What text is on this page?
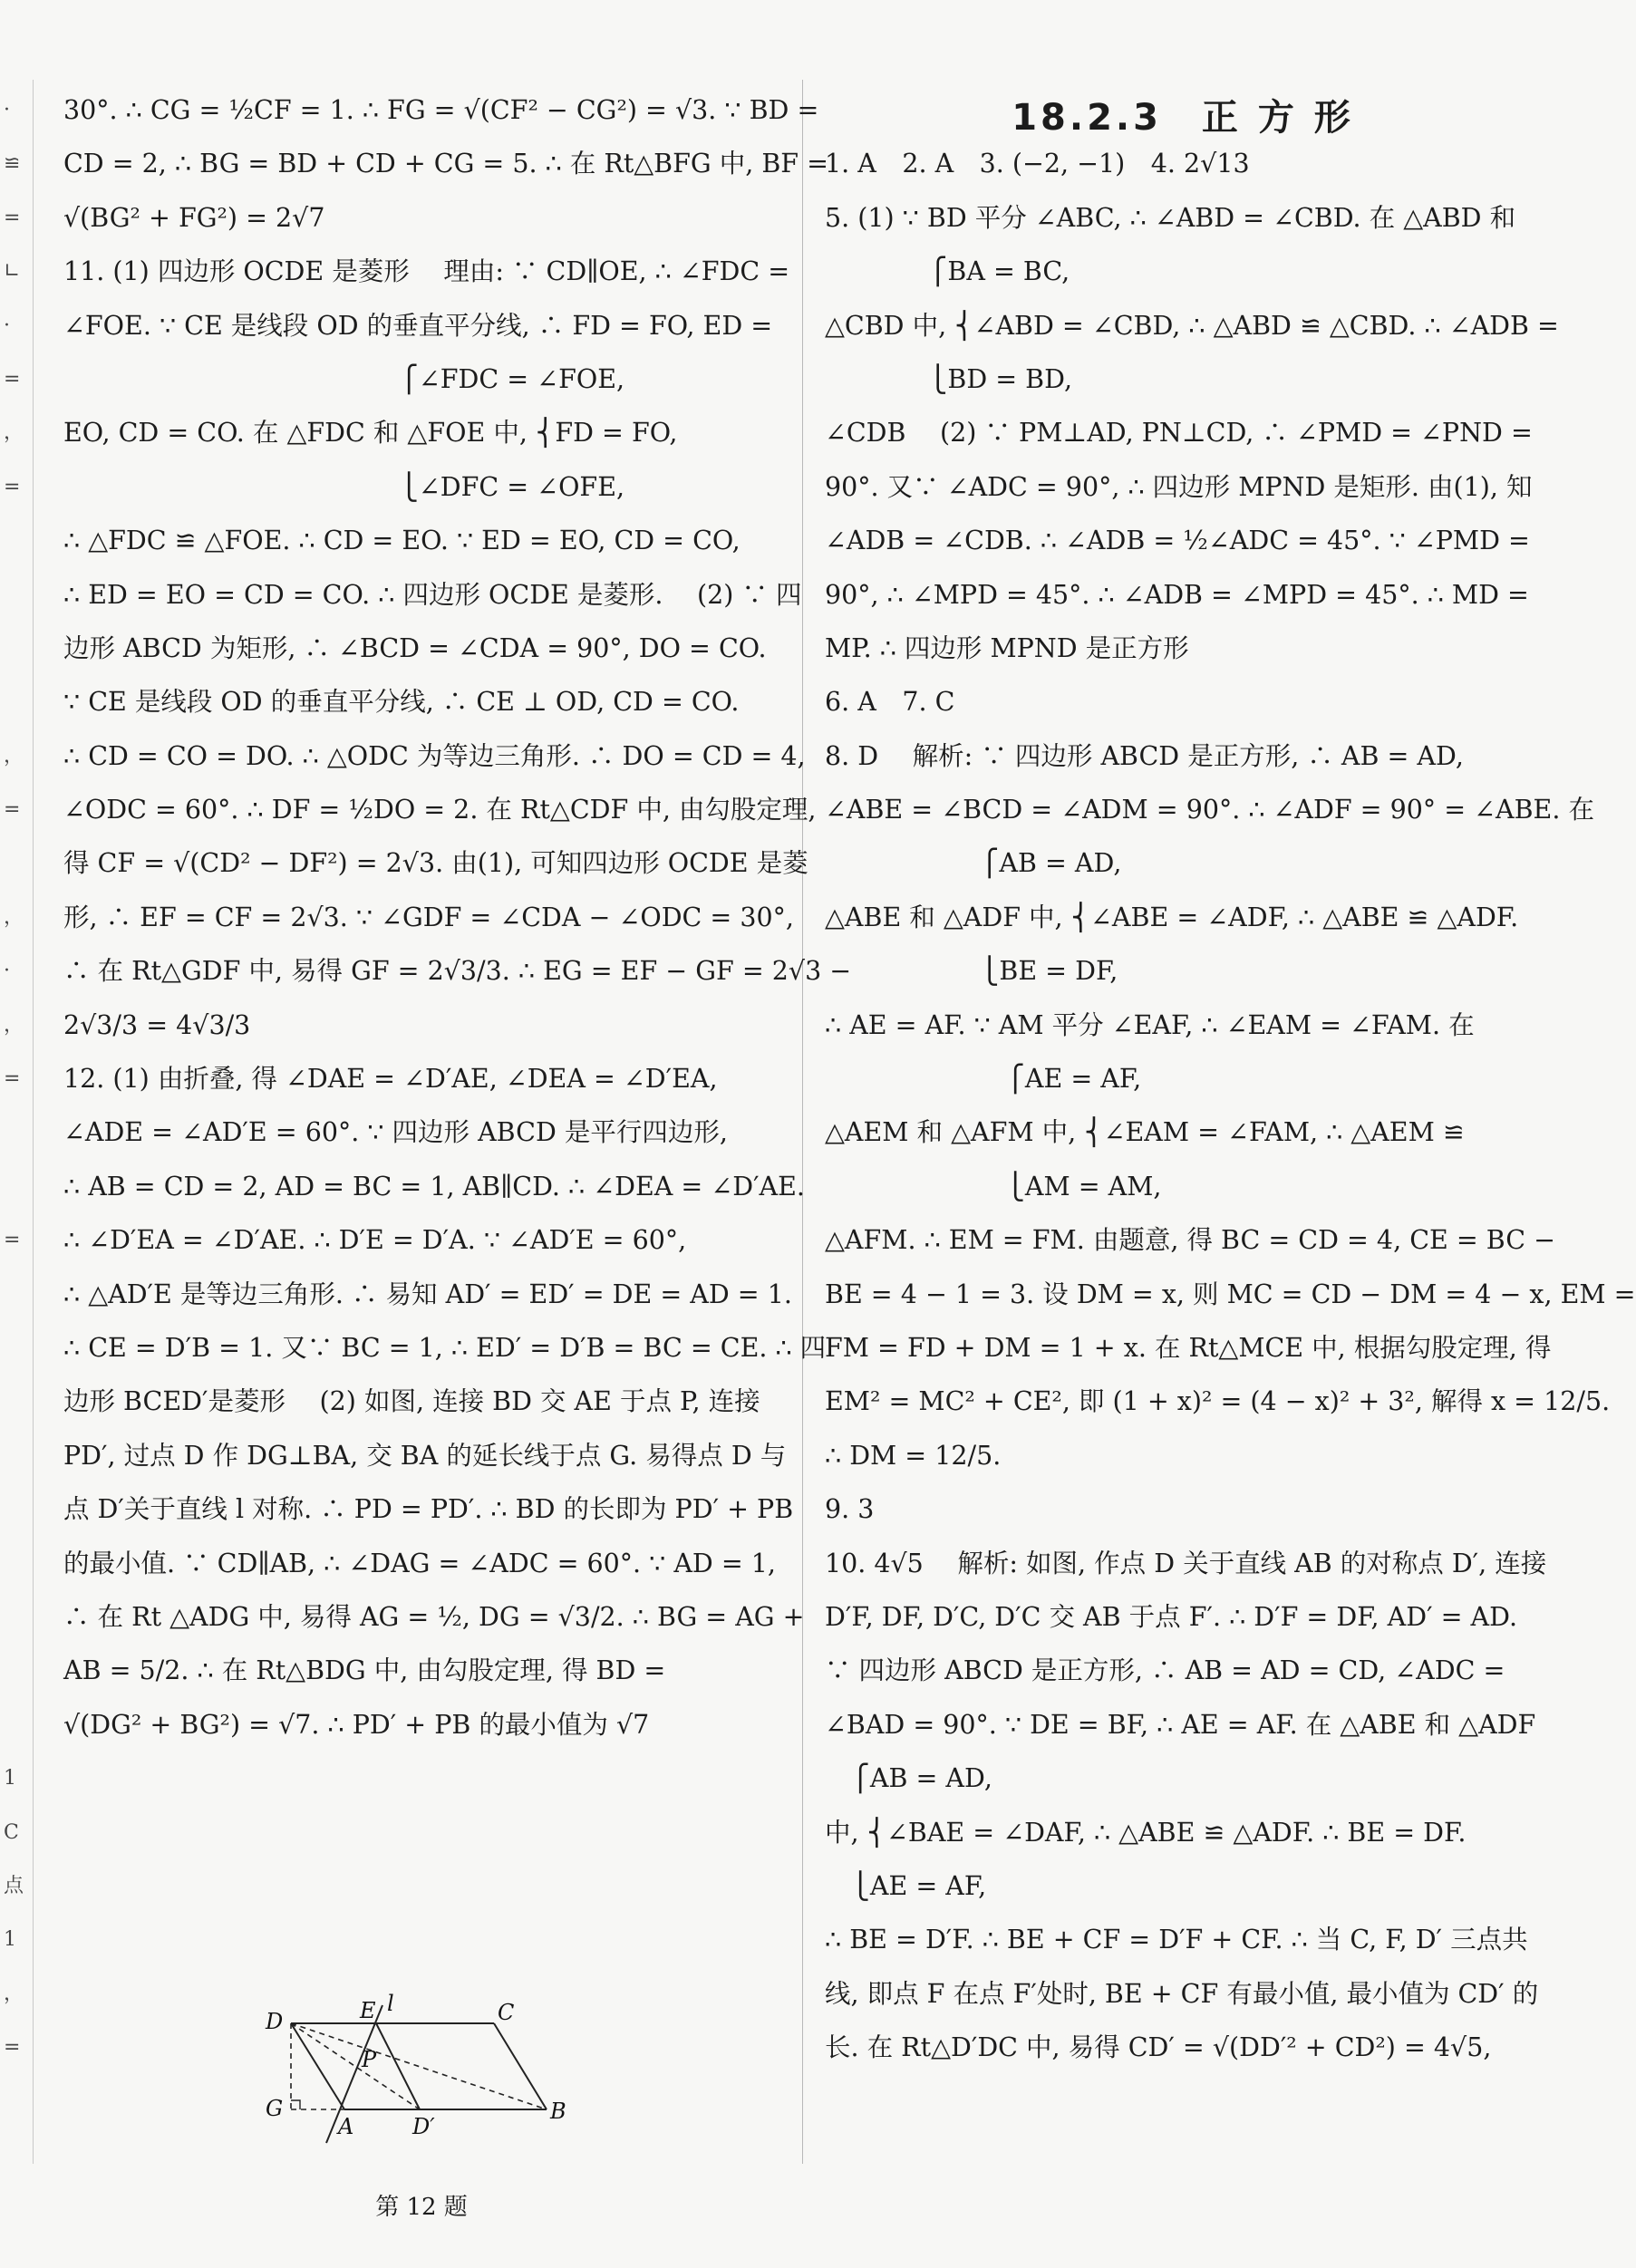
·
≌
=
∟
·
=
，
=
，
=
，
·
，
=
=
1
C
点
1
，
=
30°. ∴ CG = ½CF = 1. ∴ FG = √(CF² − CG²) = √3. ∵ BD =
CD = 2, ∴ BG = BD + CD + CG = 5. ∴ 在 Rt△BFG 中, BF =
√(BG² + FG²) = 2√7
11. (1) 四边形 OCDE 是菱形 　理由: ∵ CD∥OE, ∴ ∠FDC =
∠FOE. ∵ CE 是线段 OD 的垂直平分线, ∴ FD = FO, ED =
　　　　　　　　　　　　　⎧∠FDC = ∠FOE,
EO, CD = CO. 在 △FDC 和 △FOE 中, ⎨FD = FO,
　　　　　　　　　　　　　⎩∠DFC = ∠OFE,
∴ △FDC ≌ △FOE. ∴ CD = EO. ∵ ED = EO, CD = CO,
∴ ED = EO = CD = CO. ∴ 四边形 OCDE 是菱形. 　(2) ∵ 四
边形 ABCD 为矩形, ∴ ∠BCD = ∠CDA = 90°, DO = CO.
∵ CE 是线段 OD 的垂直平分线, ∴ CE ⊥ OD, CD = CO.
∴ CD = CO = DO. ∴ △ODC 为等边三角形. ∴ DO = CD = 4,
∠ODC = 60°. ∴ DF = ½DO = 2. 在 Rt△CDF 中, 由勾股定理,
得 CF = √(CD² − DF²) = 2√3. 由(1), 可知四边形 OCDE 是菱
形, ∴ EF = CF = 2√3. ∵ ∠GDF = ∠CDA − ∠ODC = 30°,
∴ 在 Rt△GDF 中, 易得 GF = 2√3/3. ∴ EG = EF − GF = 2√3 −
2√3/3 = 4√3/3
12. (1) 由折叠, 得 ∠DAE = ∠D′AE, ∠DEA = ∠D′EA,
∠ADE = ∠AD′E = 60°. ∵ 四边形 ABCD 是平行四边形,
∴ AB = CD = 2, AD = BC = 1, AB∥CD. ∴ ∠DEA = ∠D′AE.
∴ ∠D′EA = ∠D′AE. ∴ D′E = D′A. ∵ ∠AD′E = 60°,
∴ △AD′E 是等边三角形. ∴ 易知 AD′ = ED′ = DE = AD = 1.
∴ CE = D′B = 1. 又∵ BC = 1, ∴ ED′ = D′B = BC = CE. ∴ 四
边形 BCED′是菱形 　(2) 如图, 连接 BD 交 AE 于点 P, 连接
PD′, 过点 D 作 DG⊥BA, 交 BA 的延长线于点 G. 易得点 D 与
点 D′关于直线 l 对称. ∴ PD = PD′. ∴ BD 的长即为 PD′ + PB
的最小值. ∵ CD∥AB, ∴ ∠DAG = ∠ADC = 60°. ∵ AD = 1,
∴ 在 Rt △ADG 中, 易得 AG = ½, DG = √3/2. ∴ BG = AG +
AB = 5/2. ∴ 在 Rt△BDG 中, 由勾股定理, 得 BD =
√(DG² + BG²) = √7. ∴ PD′ + PB 的最小值为 √7
18.2.3　正 方 形
1. A　2. A　3. (−2, −1)　4. 2√13
5. (1) ∵ BD 平分 ∠ABC, ∴ ∠ABD = ∠CBD. 在 △ABD 和
　　　　⎧BA = BC,
△CBD 中, ⎨∠ABD = ∠CBD, ∴ △ABD ≌ △CBD. ∴ ∠ADB =
　　　　⎩BD = BD,
∠CDB 　(2) ∵ PM⊥AD, PN⊥CD, ∴ ∠PMD = ∠PND =
90°. 又∵ ∠ADC = 90°, ∴ 四边形 MPND 是矩形. 由(1), 知
∠ADB = ∠CDB. ∴ ∠ADB = ½∠ADC = 45°. ∵ ∠PMD =
90°, ∴ ∠MPD = 45°. ∴ ∠ADB = ∠MPD = 45°. ∴ MD =
MP. ∴ 四边形 MPND 是正方形
6. A　7. C
8. D 　解析: ∵ 四边形 ABCD 是正方形, ∴ AB = AD,
∠ABE = ∠BCD = ∠ADM = 90°. ∴ ∠ADF = 90° = ∠ABE. 在
　　　　　　⎧AB = AD,
△ABE 和 △ADF 中, ⎨∠ABE = ∠ADF, ∴ △ABE ≌ △ADF.
　　　　　　⎩BE = DF,
∴ AE = AF. ∵ AM 平分 ∠EAF, ∴ ∠EAM = ∠FAM. 在
　　　　　　　⎧AE = AF,
△AEM 和 △AFM 中, ⎨∠EAM = ∠FAM, ∴ △AEM ≌
　　　　　　　⎩AM = AM,
△AFM. ∴ EM = FM. 由题意, 得 BC = CD = 4, CE = BC −
BE = 4 − 1 = 3. 设 DM = x, 则 MC = CD − DM = 4 − x, EM =
FM = FD + DM = 1 + x. 在 Rt△MCE 中, 根据勾股定理, 得
EM² = MC² + CE², 即 (1 + x)² = (4 − x)² + 3², 解得 x = 12/5.
∴ DM = 12/5.
9. 3
10. 4√5 　解析: 如图, 作点 D 关于直线 AB 的对称点 D′, 连接
D′F, DF, D′C, D′C 交 AB 于点 F′. ∴ D′F = DF, AD′ = AD.
∵ 四边形 ABCD 是正方形, ∴ AB = AD = CD, ∠ADC =
∠BAD = 90°. ∵ DE = BF, ∴ AE = AF. 在 △ABE 和 △ADF
　⎧AB = AD,
中, ⎨∠BAE = ∠DAF, ∴ △ABE ≌ △ADF. ∴ BE = DF.
　⎩AE = AF,
∴ BE = D′F. ∴ BE + CF = D′F + CF. ∴ 当 C, F, D′ 三点共
线, 即点 F 在点 F′处时, BE + CF 有最小值, 最小值为 CD′ 的
长. 在 Rt△D′DC 中, 易得 CD′ = √(DD′² + CD²) = 4√5,
D	E l	C
P
G
A	D′
B
第 12 题
